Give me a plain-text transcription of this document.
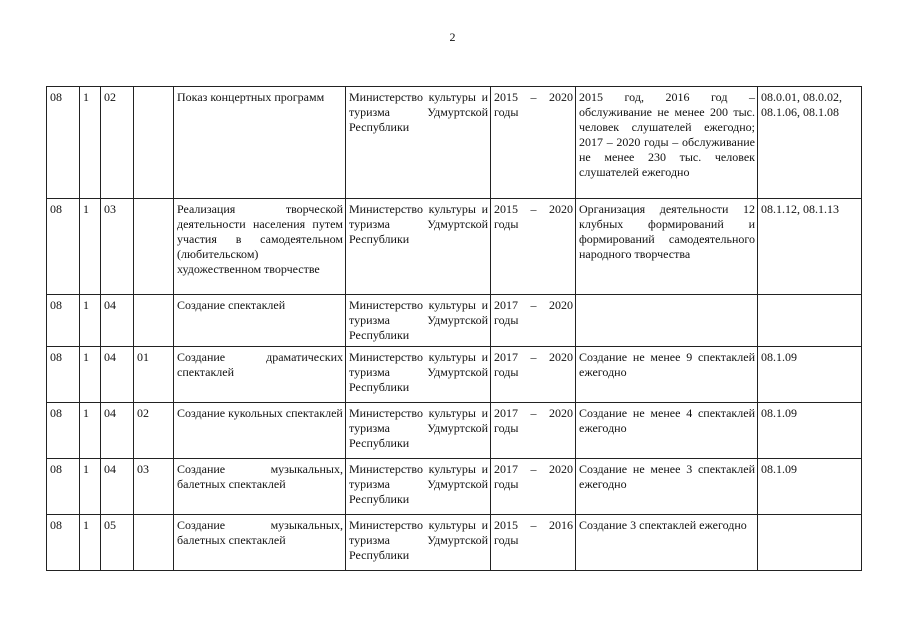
2
08	1	02		Показ концертных программ	Министерство культуры и туризма Удмуртской Республики	2015 – 2020 годы	2015 год, 2016 год – обслуживание не менее 200 тыс. человек слушателей ежегодно; 2017 – 2020 годы – обслуживание не менее 230 тыс. человек слушателей ежегодно	08.0.01, 08.0.02, 08.1.06, 08.1.08
08	1	03		Реализация творческой деятельности населения путем участия в самодеятельном (любительском) художественном творчестве	Министерство культуры и туризма Удмуртской Республики	2015 – 2020 годы	Организация деятельности 12 клубных формирований и формирований самодеятельного народного творчества	08.1.12, 08.1.13
08	1	04		Создание спектаклей	Министерство культуры и туризма Удмуртской Республики	2017 – 2020 годы		
08	1	04	01	Создание драматических спектаклей	Министерство культуры и туризма Удмуртской Республики	2017 – 2020 годы	Создание не менее 9 спектаклей ежегодно	08.1.09
08	1	04	02	Создание кукольных спектаклей	Министерство культуры и туризма Удмуртской Республики	2017 – 2020 годы	Создание не менее 4 спектаклей ежегодно	08.1.09
08	1	04	03	Создание музыкальных, балетных спектаклей	Министерство культуры и туризма Удмуртской Республики	2017 – 2020 годы	Создание не менее 3 спектаклей ежегодно	08.1.09
08	1	05		Создание музыкальных, балетных спектаклей	Министерство культуры и туризма Удмуртской Республики	2015 – 2016 годы	Создание 3 спектаклей ежегодно	
